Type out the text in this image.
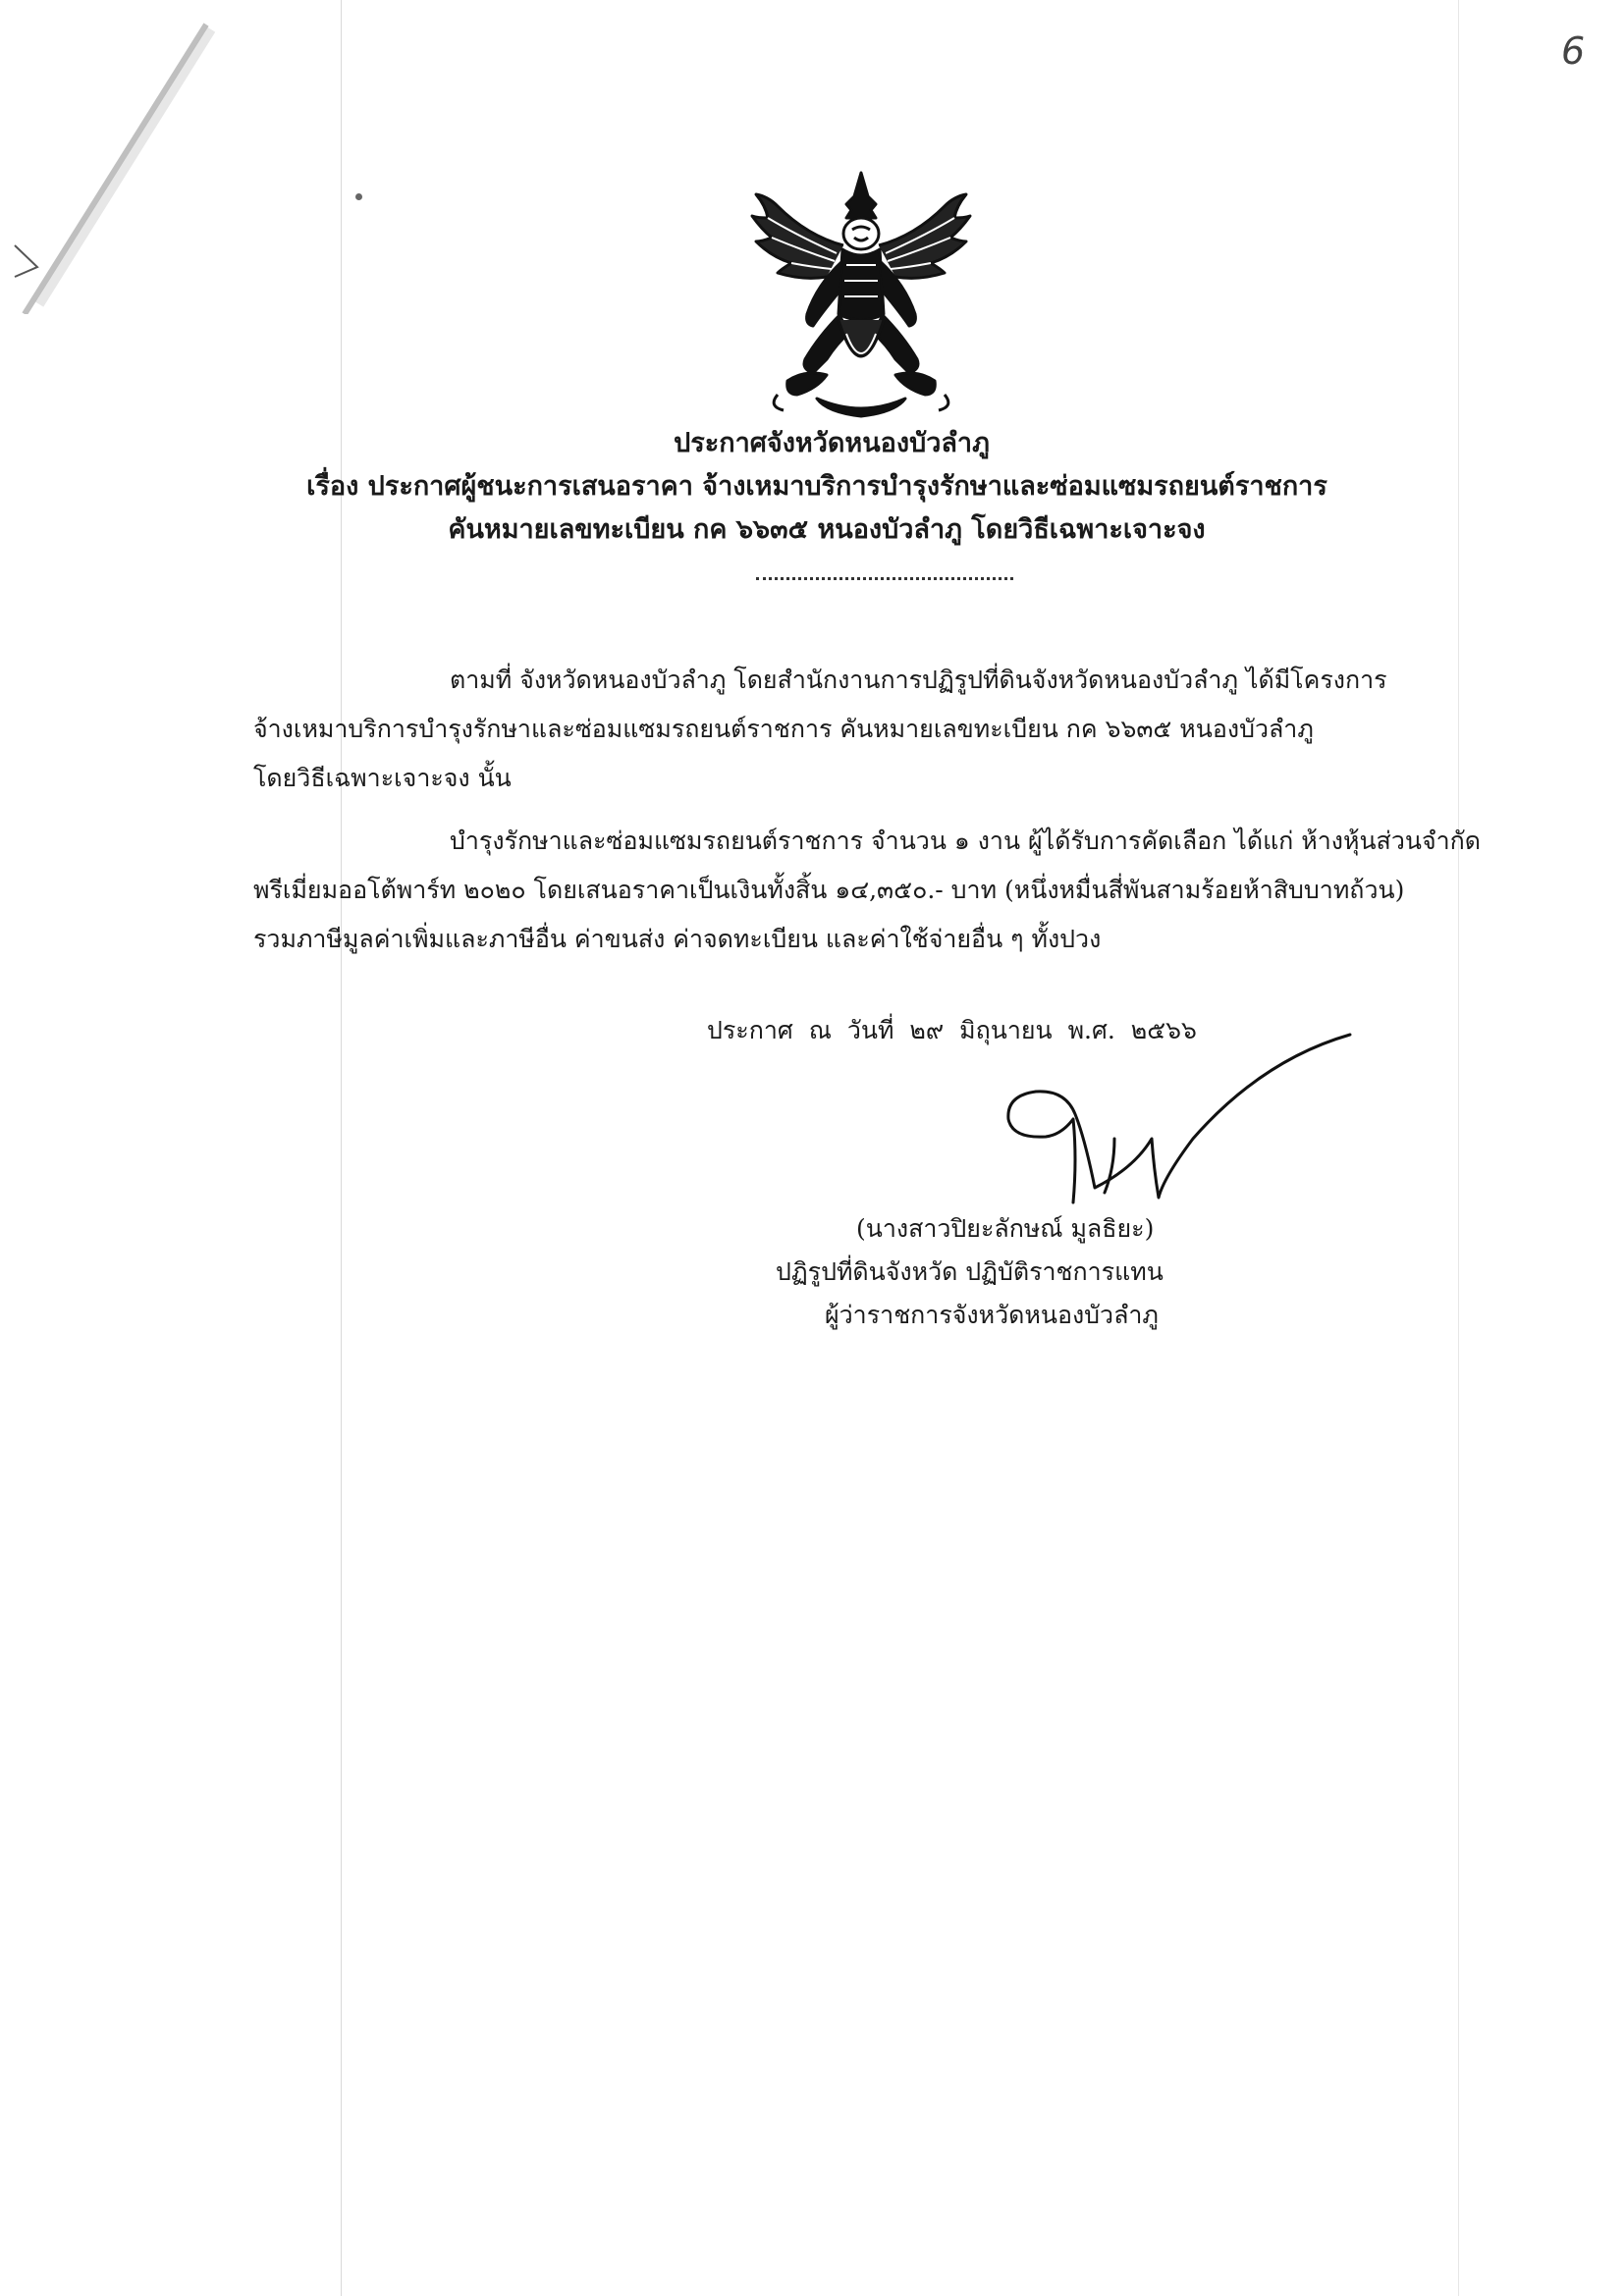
6
ประกาศจังหวัดหนองบัวลำภู
เรื่อง ประกาศผู้ชนะการเสนอราคา จ้างเหมาบริการบำรุงรักษาและซ่อมแซมรถยนต์ราชการ
คันหมายเลขทะเบียน กค ๖๖๓๕ หนองบัวลำภู โดยวิธีเฉพาะเจาะจง
ตามที่ จังหวัดหนองบัวลำภู โดยสำนักงานการปฏิรูปที่ดินจังหวัดหนองบัวลำภู ได้มีโครงการ
จ้างเหมาบริการบำรุงรักษาและซ่อมแซมรถยนต์ราชการ คันหมายเลขทะเบียน กค ๖๖๓๕ หนองบัวลำภู
โดยวิธีเฉพาะเจาะจง นั้น
บำรุงรักษาและซ่อมแซมรถยนต์ราชการ จำนวน ๑ งาน ผู้ได้รับการคัดเลือก ได้แก่ ห้างหุ้นส่วนจำกัด
พรีเมี่ยมออโต้พาร์ท ๒๐๒๐ โดยเสนอราคาเป็นเงินทั้งสิ้น ๑๔,๓๕๐.- บาท (หนึ่งหมื่นสี่พันสามร้อยห้าสิบบาทถ้วน)
รวมภาษีมูลค่าเพิ่มและภาษีอื่น ค่าขนส่ง ค่าจดทะเบียน และค่าใช้จ่ายอื่น ๆ ทั้งปวง
ประกาศ ณ วันที่ ๒๙ มิถุนายน พ.ศ. ๒๕๖๖
(นางสาวปิยะลักษณ์ มูลธิยะ)
ปฏิรูปที่ดินจังหวัด ปฏิบัติราชการแทน
ผู้ว่าราชการจังหวัดหนองบัวลำภู
